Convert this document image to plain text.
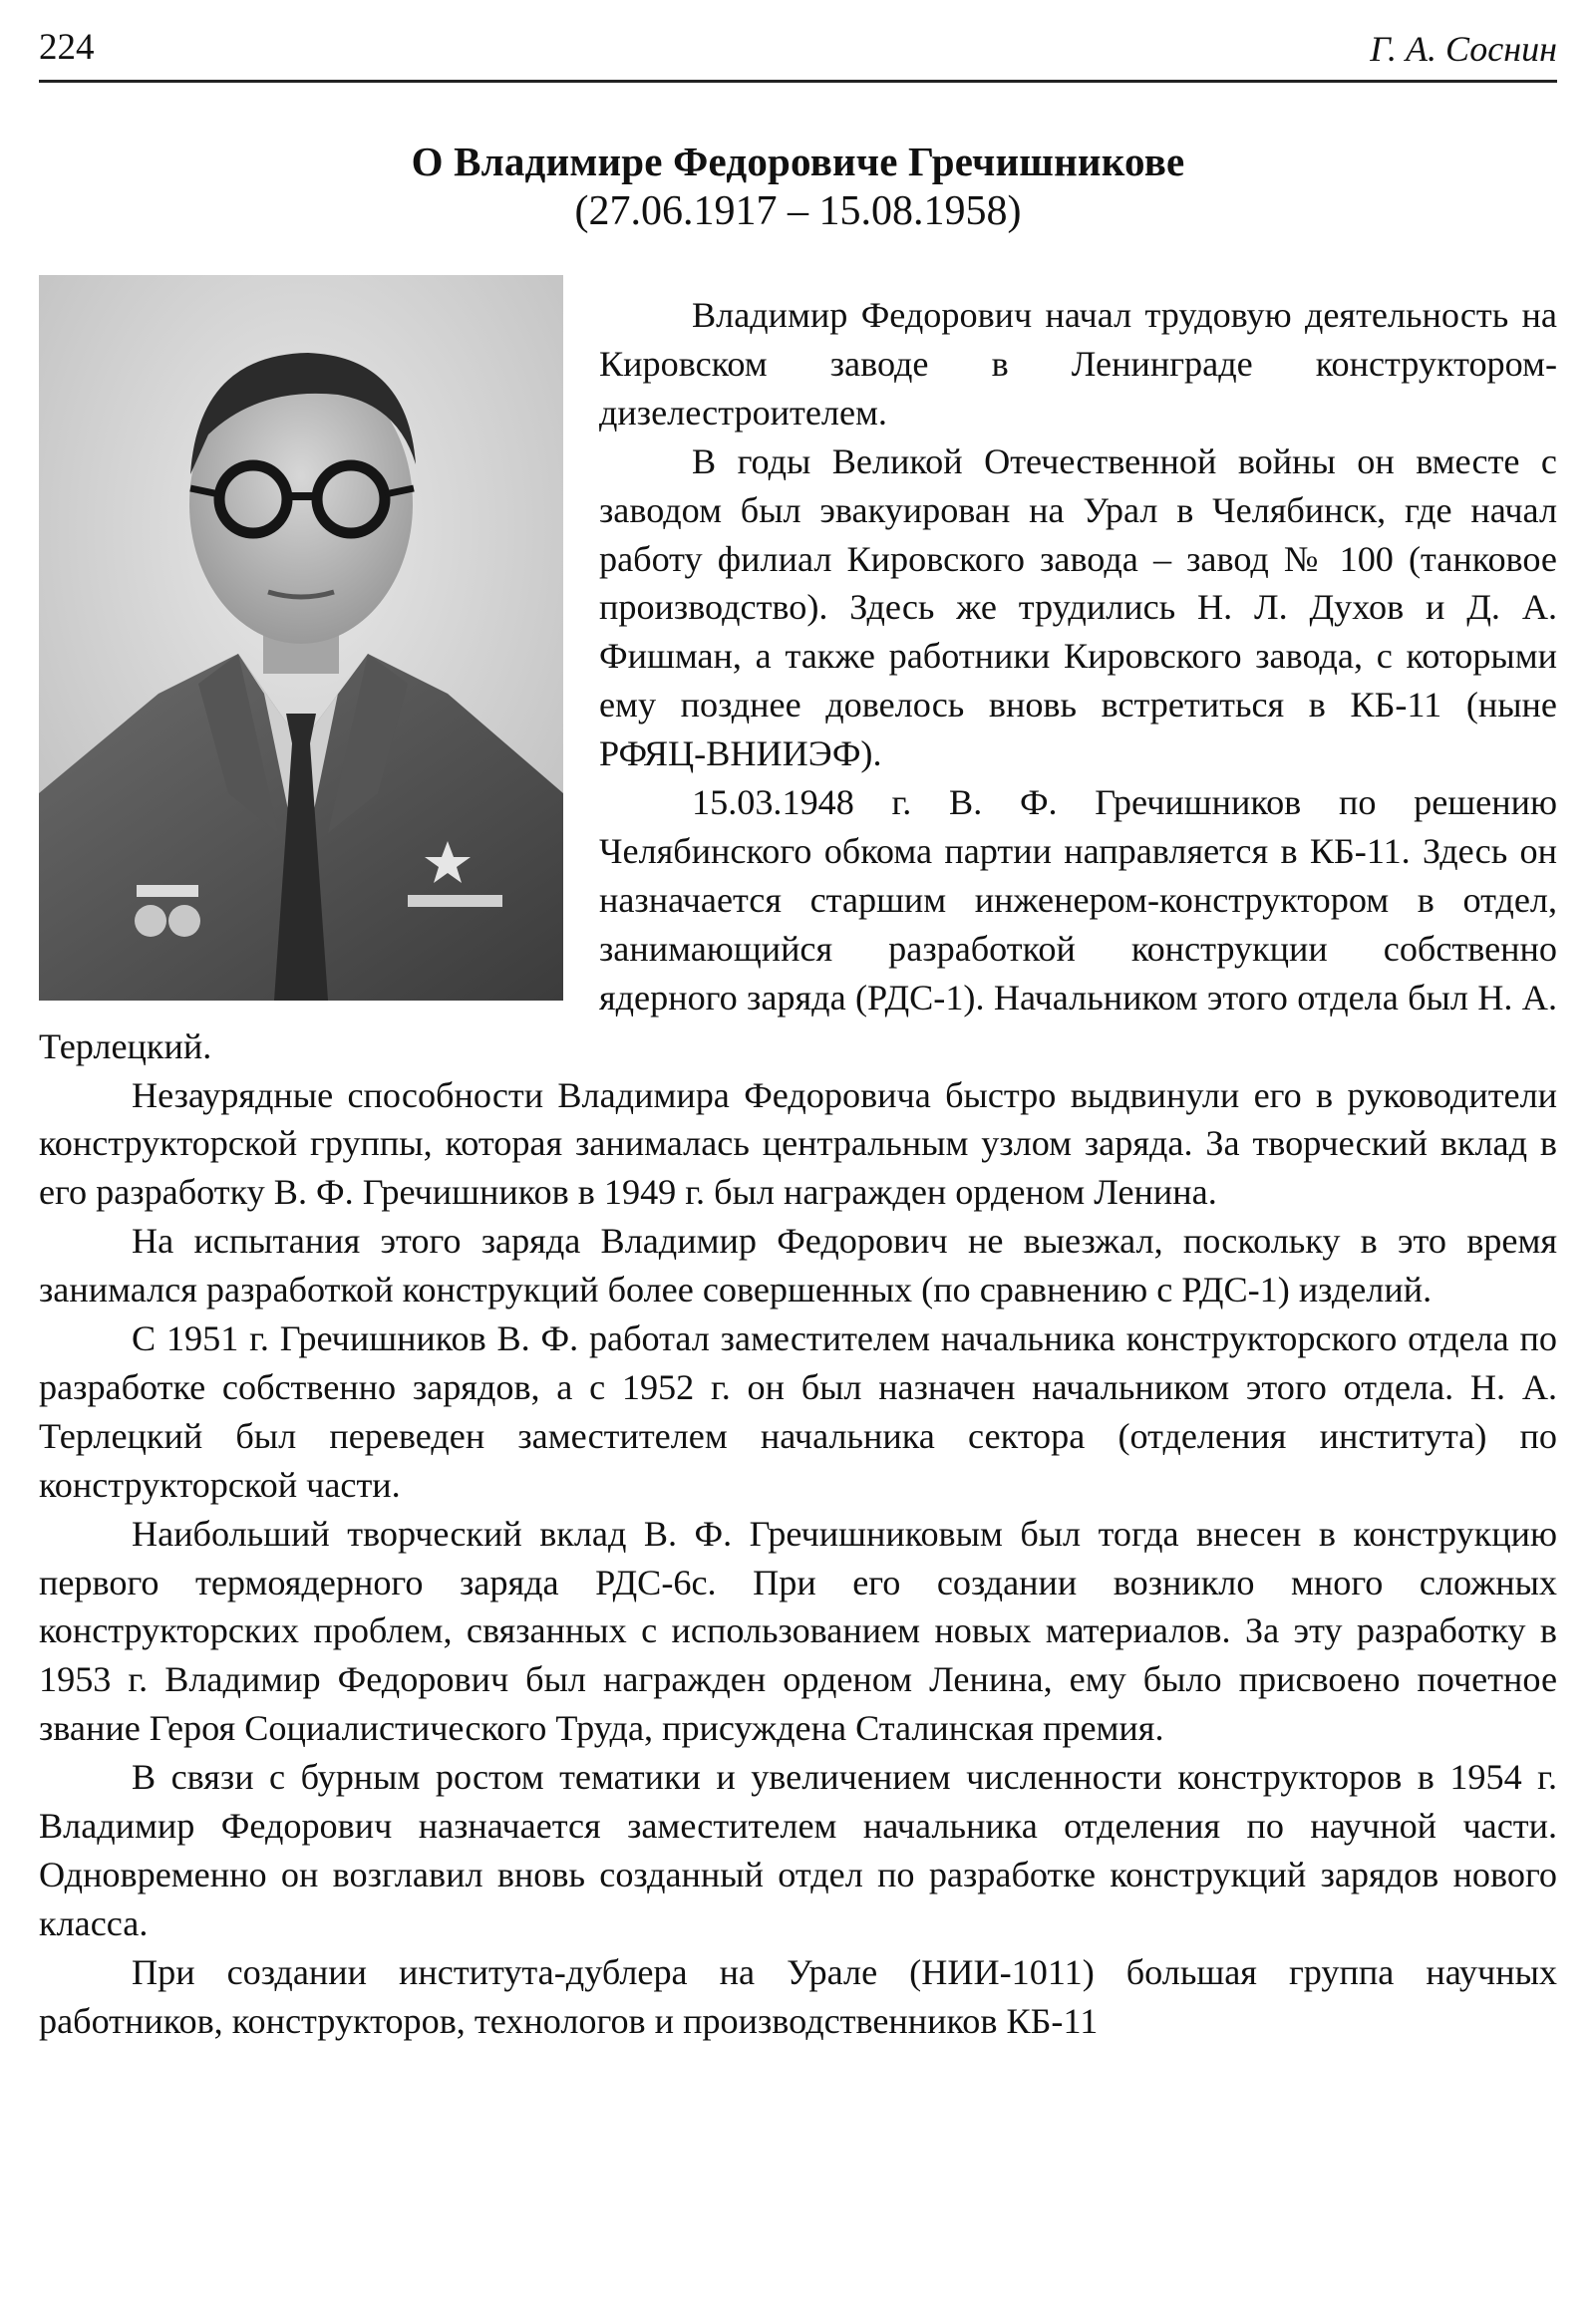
224	Г. А. Соснин
О Владимире Федоровиче Гречишникове
(27.06.1917 – 15.08.1958)

Владимир Федорович начал трудовую деятельность на Кировском заводе в Ленинграде конструктором-дизелестроителем.

В годы Великой Отечественной войны он вместе с заводом был эвакуирован на Урал в Челябинск, где начал работу филиал Кировского завода – завод № 100 (танковое производство). Здесь же трудились Н. Л. Духов и Д. А. Фишман, а также работники Кировского завода, с которыми ему позднее довелось вновь встретиться в КБ-11 (ныне РФЯЦ-ВНИИЭФ).

15.03.1948 г. В. Ф. Гречишников по решению Челябинского обкома партии направляется в КБ-11. Здесь он назначается старшим инженером-конструктором в отдел, занимающийся разработкой конструкции собственно ядерного заряда (РДС-1). Начальником этого отдела был Н. А. Терлецкий.

Незаурядные способности Владимира Федоровича быстро выдвинули его в руководители конструкторской группы, которая занималась центральным узлом заряда. За творческий вклад в его разработку В. Ф. Гречишников в 1949 г. был награжден орденом Ленина.

На испытания этого заряда Владимир Федорович не выезжал, поскольку в это время занимался разработкой конструкций более совершенных (по сравнению с РДС-1) изделий.

С 1951 г. Гречишников В. Ф. работал заместителем начальника конструкторского отдела по разработке собственно зарядов, а с 1952 г. он был назначен начальником этого отдела. Н. А. Терлецкий был переведен заместителем начальника сектора (отделения института) по конструкторской части.

Наибольший творческий вклад В. Ф. Гречишниковым был тогда внесен в конструкцию первого термоядерного заряда РДС-6с. При его создании возникло много сложных конструкторских проблем, связанных с использованием новых материалов. За эту разработку в 1953 г. Владимир Федорович был награжден орденом Ленина, ему было присвоено почетное звание Героя Социалистического Труда, присуждена Сталинская премия.

В связи с бурным ростом тематики и увеличением численности конструкторов в 1954 г. Владимир Федорович назначается заместителем начальника отделения по научной части. Одновременно он возглавил вновь созданный отдел по разработке конструкций зарядов нового класса.

При создании института-дублера на Урале (НИИ-1011) большая группа научных работников, конструкторов, технологов и производственников КБ-11
